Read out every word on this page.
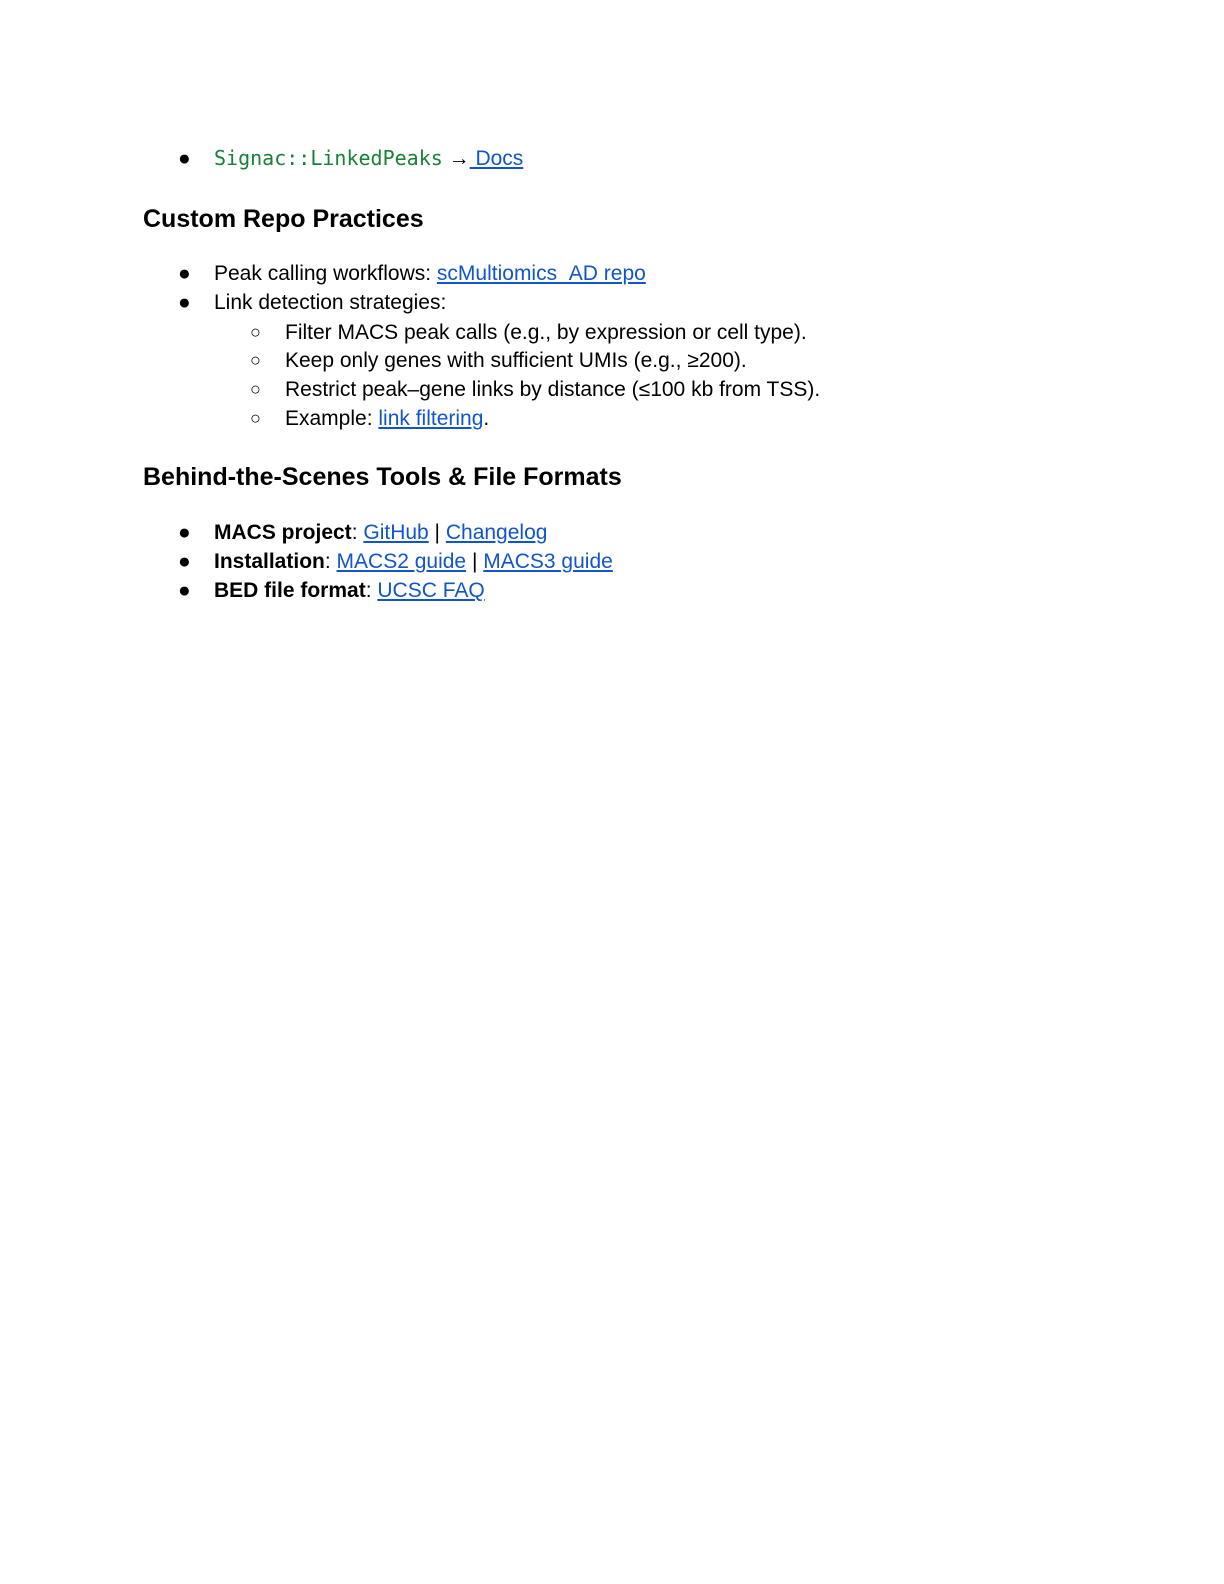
● Signac::LinkedPeaks → Docs
Custom Repo Practices
● Peak calling workflows: scMultiomics_AD repo
● Link detection strategies:
○ Filter MACS peak calls (e.g., by expression or cell type).
○ Keep only genes with sufficient UMIs (e.g., ≥200).
○ Restrict peak–gene links by distance (≤100 kb from TSS).
○ Example: link filtering.
Behind-the-Scenes Tools & File Formats
● MACS project: GitHub | Changelog
● Installation: MACS2 guide | MACS3 guide
● BED file format: UCSC FAQ
